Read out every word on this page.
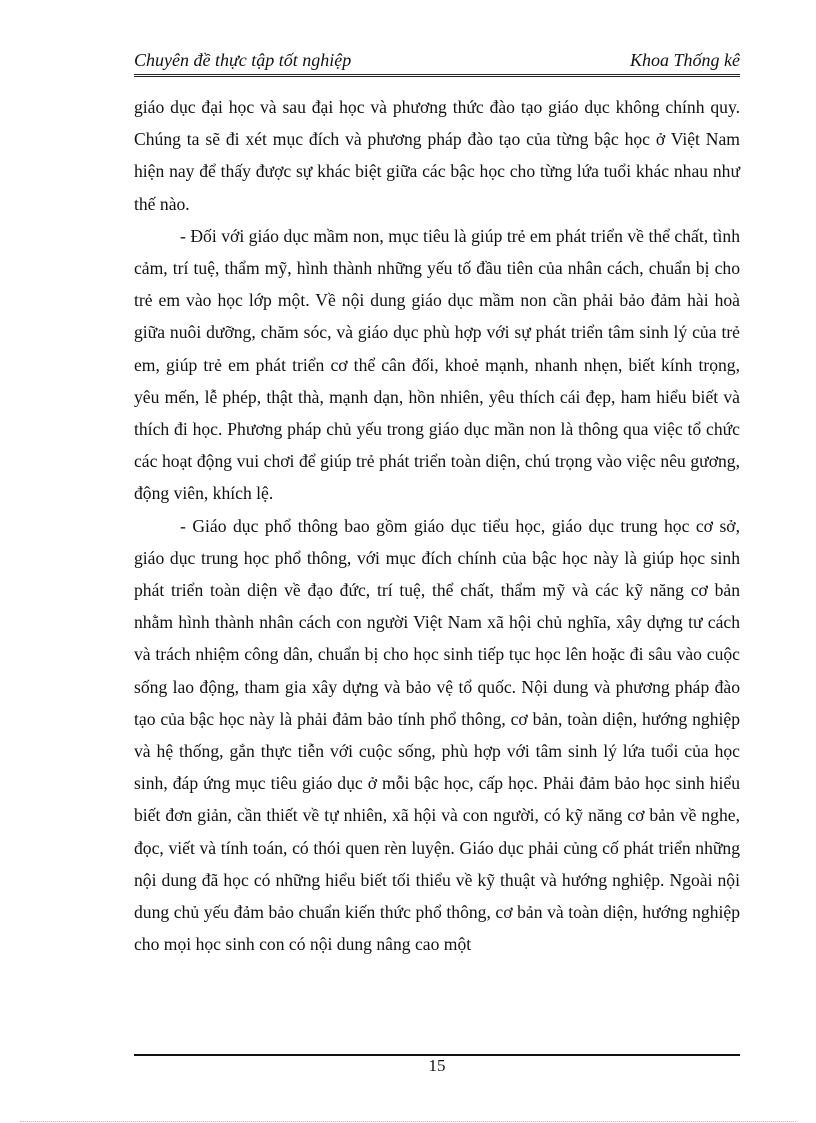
Chuyên đề thực tập tốt nghiệp	Khoa Thống kê

giáo dục đại học và sau đại học và phương thức đào tạo giáo dục không chính quy. Chúng ta sẽ đi xét mục đích và phương pháp đào tạo của từng bậc học ở Việt Nam hiện nay để thấy được sự khác biệt giữa các bậc học cho từng lứa tuổi khác nhau như thế nào.

- Đối với giáo dục mầm non, mục tiêu là giúp trẻ em phát triển về thể chất, tình cảm, trí tuệ, thẩm mỹ, hình thành những yếu tố đầu tiên của nhân cách, chuẩn bị cho trẻ em vào học lớp một. Về nội dung giáo dục mầm non cần phải bảo đảm hài hoà giữa nuôi dưỡng, chăm sóc, và giáo dục phù hợp với sự phát triển tâm sinh lý của trẻ em, giúp trẻ em phát triển cơ thể cân đối, khoẻ mạnh, nhanh nhẹn, biết kính trọng, yêu mến, lễ phép, thật thà, mạnh dạn, hồn nhiên, yêu thích cái đẹp, ham hiểu biết và thích đi học. Phương pháp chủ yếu trong giáo dục mần non là thông qua việc tổ chức các hoạt động vui chơi để giúp trẻ phát triển toàn diện, chú trọng vào việc nêu gương, động viên, khích lệ.

- Giáo dục phổ thông bao gồm giáo dục tiểu học, giáo dục trung học cơ sở, giáo dục trung học phổ thông, với mục đích chính của bậc học này là giúp học sinh phát triển toàn diện về đạo đức, trí tuệ, thể chất, thẩm mỹ và các kỹ năng cơ bản nhằm hình thành nhân cách con người Việt Nam xã hội chủ nghĩa, xây dựng tư cách và trách nhiệm công dân, chuẩn bị cho học sinh tiếp tục học lên hoặc đi sâu vào cuộc sống lao động, tham gia xây dựng và bảo vệ tổ quốc. Nội dung và phương pháp đào tạo của bậc học này là phải đảm bảo tính phổ thông, cơ bản, toàn diện, hướng nghiệp và hệ thống, gắn thực tiễn với cuộc sống, phù hợp với tâm sinh lý lứa tuổi của học sinh, đáp ứng mục tiêu giáo dục ở mỗi bậc học, cấp học. Phải đảm bảo học sinh hiểu biết đơn giản, cần thiết về tự nhiên, xã hội và con người, có kỹ năng cơ bản về nghe, đọc, viết và tính toán, có thói quen rèn luyện. Giáo dục phải củng cố phát triển những nội dung đã học có những hiểu biết tối thiểu về kỹ thuật và hướng nghiệp. Ngoài nội dung chủ yếu đảm bảo chuẩn kiến thức phổ thông, cơ bản và toàn diện, hướng nghiệp cho mọi học sinh con có nội dung nâng cao một

15
